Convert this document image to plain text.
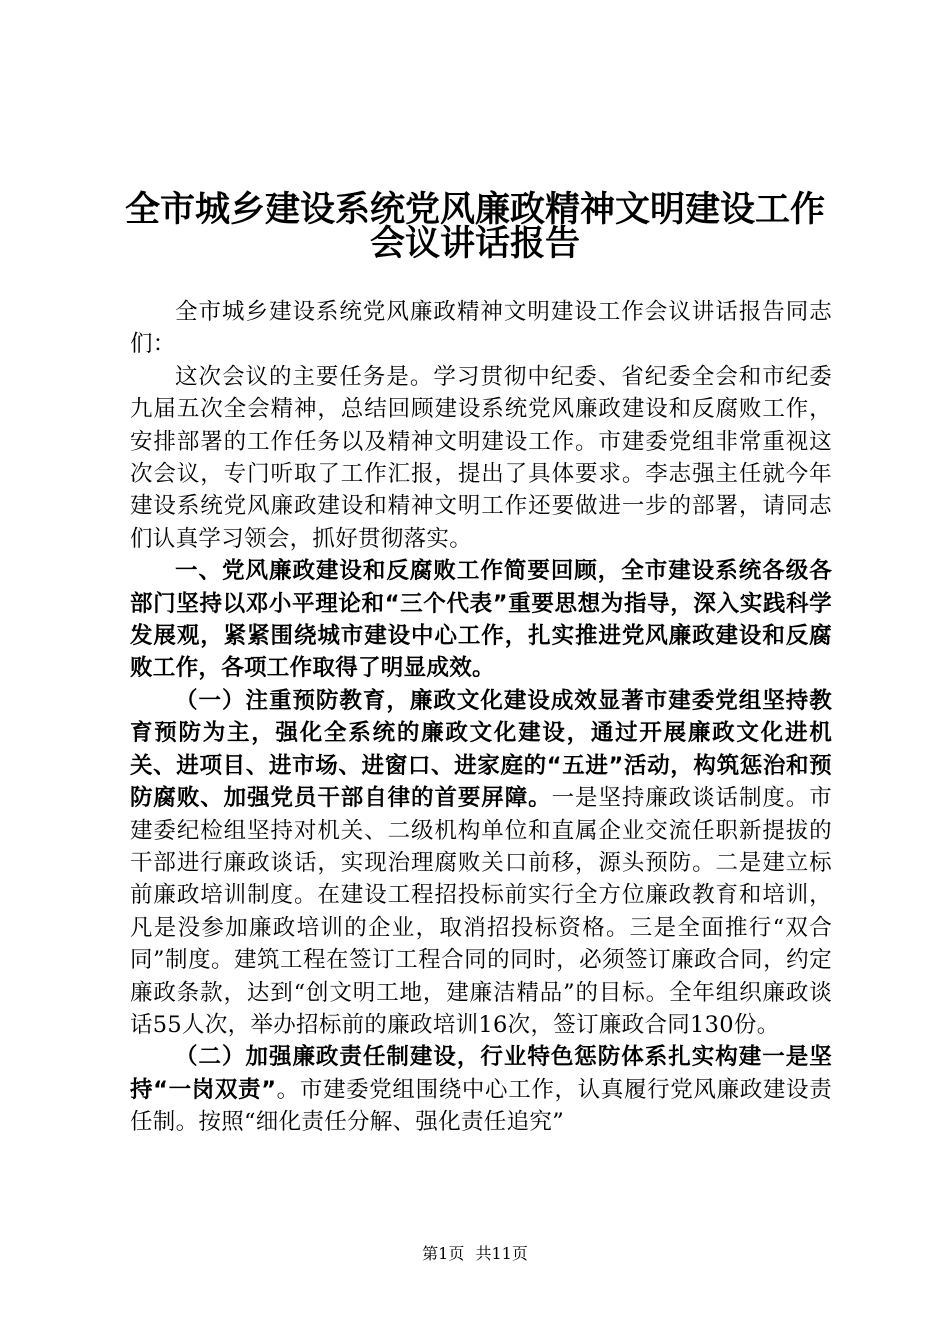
全市城乡建设系统党风廉政精神文明建设工作
会议讲话报告

全市城乡建设系统党风廉政精神文明建设工作会议讲话报告同志们：

这次会议的主要任务是。学习贯彻中纪委、省纪委全会和市纪委九届五次全会精神，总结回顾建设系统党风廉政建设和反腐败工作，安排部署的工作任务以及精神文明建设工作。市建委党组非常重视这次会议，专门听取了工作汇报，提出了具体要求。李志强主任就今年建设系统党风廉政建设和精神文明工作还要做进一步的部署，请同志们认真学习领会，抓好贯彻落实。

一、党风廉政建设和反腐败工作简要回顾，全市建设系统各级各部门坚持以邓小平理论和“三个代表”重要思想为指导，深入实践科学发展观，紧紧围绕城市建设中心工作，扎实推进党风廉政建设和反腐败工作，各项工作取得了明显成效。

（一）注重预防教育，廉政文化建设成效显著市建委党组坚持教育预防为主，强化全系统的廉政文化建设，通过开展廉政文化进机关、进项目、进市场、进窗口、进家庭的“五进”活动，构筑惩治和预防腐败、加强党员干部自律的首要屏障。一是坚持廉政谈话制度。市建委纪检组坚持对机关、二级机构单位和直属企业交流任职新提拔的干部进行廉政谈话，实现治理腐败关口前移，源头预防。二是建立标前廉政培训制度。在建设工程招投标前实行全方位廉政教育和培训，凡是没参加廉政培训的企业，取消招投标资格。三是全面推行“双合同”制度。建筑工程在签订工程合同的同时，必须签订廉政合同，约定廉政条款，达到“创文明工地，建廉洁精品”的目标。全年组织廉政谈话55人次，举办招标前的廉政培训16次，签订廉政合同130份。

（二）加强廉政责任制建设，行业特色惩防体系扎实构建一是坚持“一岗双责”。市建委党组围绕中心工作，认真履行党风廉政建设责任制。按照“细化责任分解、强化责任追究”

第1页 共11页
